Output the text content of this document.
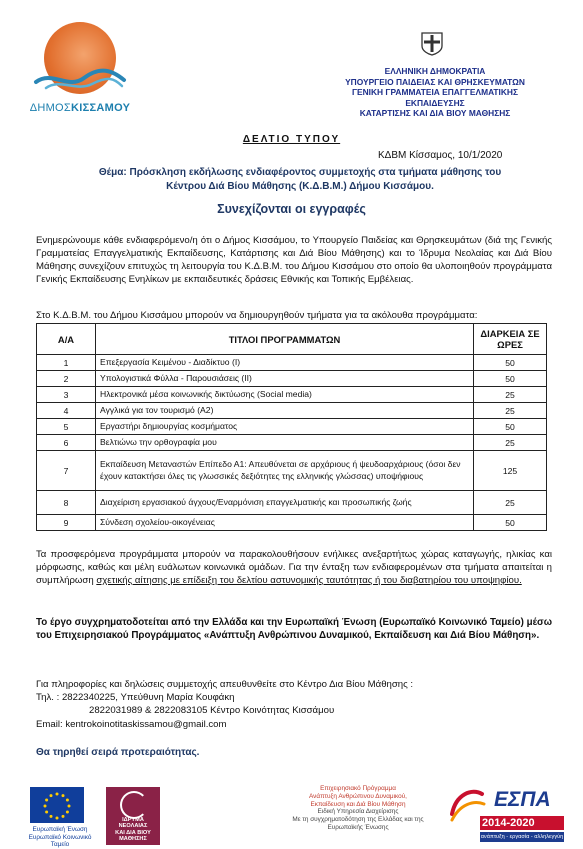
ΔΗΜΟΣΚΙΣΣΑΜΟΥ
ΕΛΛΗΝΙΚΗ ΔΗΜΟΚΡΑΤΙΑ
ΥΠΟΥΡΓΕΙΟ ΠΑΙΔΕΙΑΣ ΚΑΙ ΘΡΗΣΚΕΥΜΑΤΩΝ
ΓΕΝΙΚΗ ΓΡΑΜΜΑΤΕΙΑ ΕΠΑΓΓΕΛΜΑΤΙΚΗΣ ΕΚΠΑΙΔΕΥΣΗΣ
ΚΑΤΑΡΤΙΣΗΣ ΚΑΙ ΔΙΑ ΒΙΟΥ ΜΑΘΗΣΗΣ
ΔΕΛΤΙΟ ΤΥΠΟΥ
ΚΔΒΜ Κίσσαμος, 10/1/2020
Θέμα: Πρόσκληση εκδήλωσης ενδιαφέροντος συμμετοχής στα τμήματα μάθησης του
Κέντρου Διά Βίου Μάθησης (Κ.Δ.Β.Μ.) Δήμου Κισσάμου.
Συνεχίζονται οι εγγραφές
Ενημερώνουμε κάθε ενδιαφερόμενο/η ότι ο Δήμος Κισσάμου, το Υπουργείο Παιδείας και Θρησκευμάτων (διά της Γενικής Γραμματείας Επαγγελματικής Εκπαίδευσης, Κατάρτισης και Διά Βίου Μάθησης) και το Ίδρυμα Νεολαίας και Διά Βίου Μάθησης συνεχίζουν επιτυχώς τη λειτουργία του Κ.Δ.Β.Μ. του Δήμου Κισσάμου στο οποίο θα υλοποιηθούν προγράμματα Γενικής Εκπαίδευσης Ενηλίκων με εκπαιδευτικές δράσεις Εθνικής και Τοπικής Εμβέλειας.
Στο Κ.Δ.Β.Μ. του Δήμου Κισσάμου μπορούν να δημιουργηθούν τμήματα για τα ακόλουθα προγράμματα:
Α/Α	ΤΙΤΛΟΙ ΠΡΟΓΡΑΜΜΑΤΩΝ	ΔΙΑΡΚΕΙΑ ΣΕ ΩΡΕΣ
1	Επεξεργασία Κειμένου - Διαδίκτυο (Ι)	50
2	Υπολογιστικά Φύλλα - Παρουσιάσεις (ΙΙ)	50
3	Ηλεκτρονικά μέσα κοινωνικής δικτύωσης (Social media)	25
4	Αγγλικά για τον τουρισμό (Α2)	25
5	Εργαστήρι δημιουργίας κοσμήματος	50
6	Βελτιώνω την ορθογραφία μου	25
7	Εκπαίδευση Μεταναστών Επίπεδο Α1: Απευθύνεται σε αρχάριους ή ψευδοαρχάριους (όσοι δεν έχουν κατακτήσει όλες τις γλωσσικές δεξιότητες της ελληνικής γλώσσας) υποψήφιους	125
8	Διαχείριση εργασιακού άγχους/Εναρμόνιση επαγγελματικής και προσωπικής ζωής	25
9	Σύνδεση σχολείου-οικογένειας	50
Τα προσφερόμενα προγράμματα μπορούν να παρακολουθήσουν ενήλικες ανεξαρτήτως χώρας καταγωγής, ηλικίας και μόρφωσης, καθώς και μέλη ευάλωτων κοινωνικά ομάδων. Για την ένταξη των ενδιαφερομένων στα τμήματα απαιτείται η συμπλήρωση σχετικής αίτησης με επίδειξη του δελτίου αστυνομικής ταυτότητας ή του διαβατηρίου του υποψηφίου.
Το έργο συγχρηματοδοτείται από την Ελλάδα και την Ευρωπαϊκή Ένωση (Ευρωπαϊκό Κοινωνικό Ταμείο) μέσω του Επιχειρησιακού Προγράμματος «Ανάπτυξη Ανθρώπινου Δυναμικού, Εκπαίδευση και Διά Βίου Μάθηση».
Για πληροφορίες και δηλώσεις συμμετοχής απευθυνθείτε στο Κέντρο Δια Βίου Μάθησης :
Τηλ. : 2822340225, Υπεύθυνη Μαρία Κουφάκη
2822031989 & 2822083105 Κέντρο Κοινότητας Κισσάμου
Email: kentrokoinotitaskissamou@gmail.com
Θα τηρηθεί σειρά προτεραιότητας.
Ευρωπαϊκή Ένωση
Ευρωπαϊκό Κοινωνικό Ταμείο
ΙΔΡΥΜΑ
ΝΕΟΛΑΙΑΣ
ΚΑΙ ΔΙΑ ΒΙΟΥ
ΜΑΘΗΣΗΣ
Επιχειρησιακό Πρόγραμμα
Ανάπτυξη Ανθρώπινου Δυναμικού,
Εκπαίδευση και Διά Βίου Μάθηση
Ειδική Υπηρεσία Διαχείρισης
Με τη συγχρηματοδότηση της Ελλάδας και της Ευρωπαϊκής Ένωσης
ΕΣΠΑ
2014-2020
ανάπτυξη - εργασία - αλληλεγγύη
